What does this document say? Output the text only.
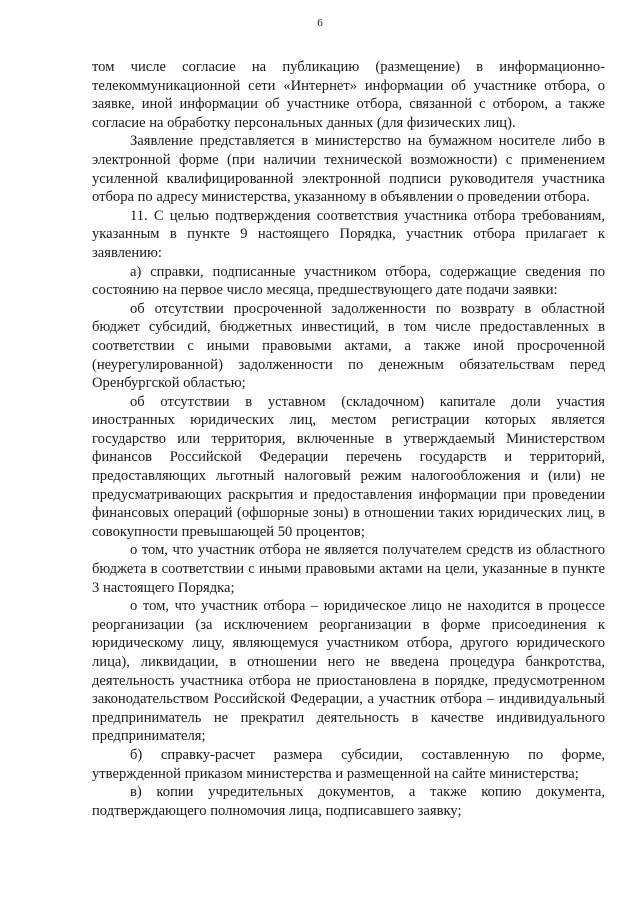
6

том числе согласие на публикацию (размещение) в информационно-телекоммуникационной сети «Интернет» информации об участнике отбора, о заявке, иной информации об участнике отбора, связанной с отбором, а также согласие на обработку персональных данных (для физических лиц).

Заявление представляется в министерство на бумажном носителе либо в электронной форме (при наличии технической возможности) с применением усиленной квалифицированной электронной подписи руководителя участника отбора по адресу министерства, указанному в объявлении о проведении отбора.

11. С целью подтверждения соответствия участника отбора требованиям, указанным в пункте 9 настоящего Порядка, участник отбора прилагает к заявлению:

а) справки, подписанные участником отбора, содержащие сведения по состоянию на первое число месяца, предшествующего дате подачи заявки:

об отсутствии просроченной задолженности по возврату в областной бюджет субсидий, бюджетных инвестиций, в том числе предоставленных в соответствии с иными правовыми актами, а также иной просроченной (неурегулированной) задолженности по денежным обязательствам перед Оренбургской областью;

об отсутствии в уставном (складочном) капитале доли участия иностранных юридических лиц, местом регистрации которых является государство или территория, включенные в утверждаемый Министерством финансов Российской Федерации перечень государств и территорий, предоставляющих льготный налоговый режим налогообложения и (или) не предусматривающих раскрытия и предоставления информации при проведении финансовых операций (офшорные зоны) в отношении таких юридических лиц, в совокупности превышающей 50 процентов;

о том, что участник отбора не является получателем средств из областного бюджета в соответствии с иными правовыми актами на цели, указанные в пункте 3 настоящего Порядка;

о том, что участник отбора – юридическое лицо не находится в процессе реорганизации (за исключением реорганизации в форме присоединения к юридическому лицу, являющемуся участником отбора, другого юридического лица), ликвидации, в отношении него не введена процедура банкротства, деятельность участника отбора не приостановлена в порядке, предусмотренном законодательством Российской Федерации, а участник отбора – индивидуальный предприниматель не прекратил деятельность в качестве индивидуального предпринимателя;

б) справку-расчет размера субсидии, составленную по форме, утвержденной приказом министерства и размещенной на сайте министерства;

в) копии учредительных документов, а также копию документа, подтверждающего полномочия лица, подписавшего заявку;
